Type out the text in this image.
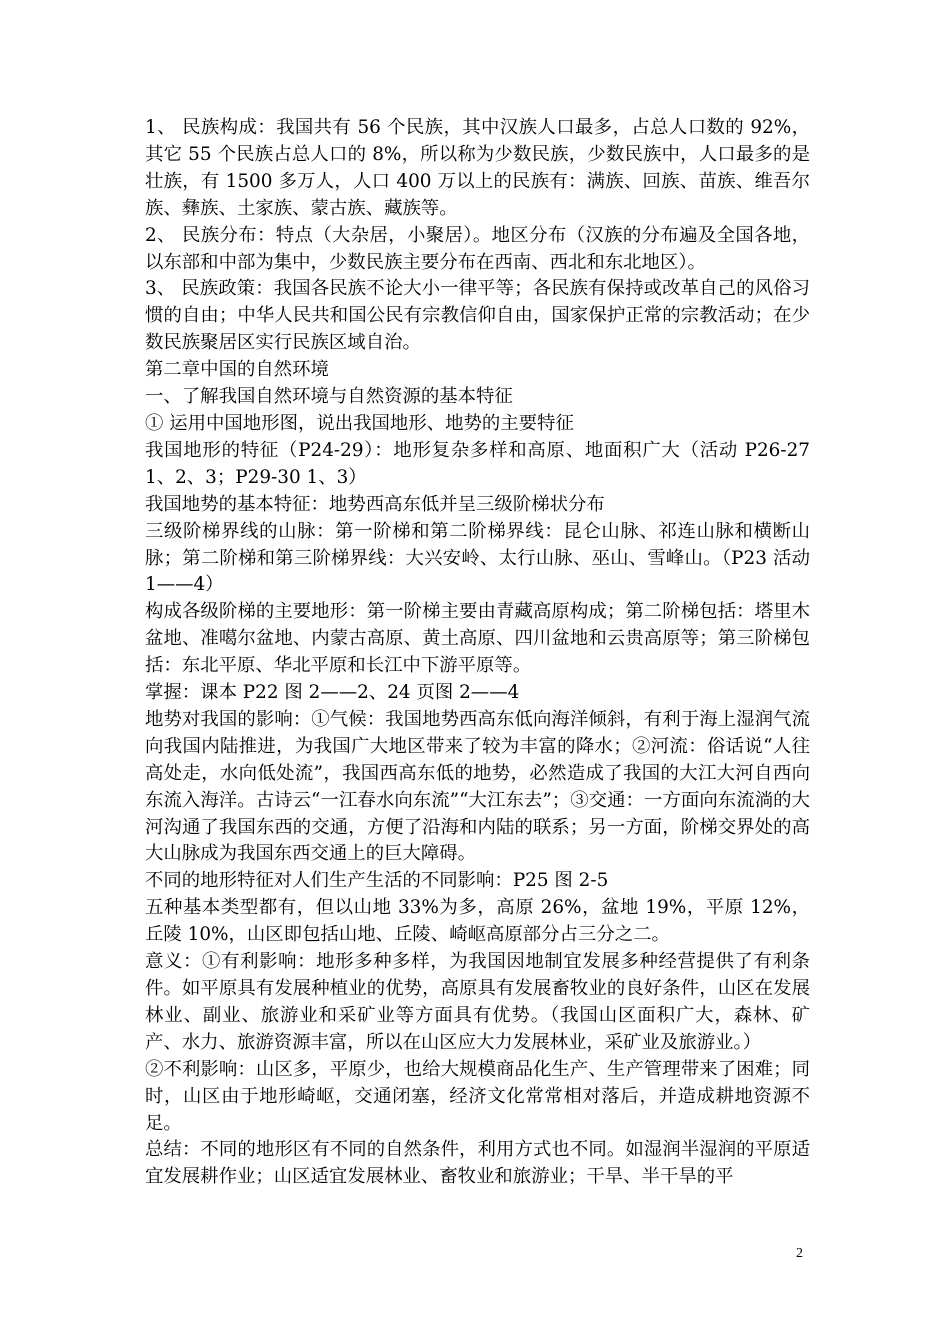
1、 民族构成：我国共有 56 个民族，其中汉族人口最多，占总人口数的 92%，其它 55 个民族占总人口的 8%，所以称为少数民族，少数民族中，人口最多的是壮族，有 1500 多万人，人口 400 万以上的民族有：满族、回族、苗族、维吾尔族、彝族、土家族、蒙古族、藏族等。

2、 民族分布：特点（大杂居，小聚居）。地区分布（汉族的分布遍及全国各地，以东部和中部为集中，少数民族主要分布在西南、西北和东北地区）。

3、 民族政策：我国各民族不论大小一律平等；各民族有保持或改革自己的风俗习惯的自由；中华人民共和国公民有宗教信仰自由，国家保护正常的宗教活动；在少数民族聚居区实行民族区域自治。

第二章中国的自然环境

一、了解我国自然环境与自然资源的基本特征

① 运用中国地形图，说出我国地形、地势的主要特征

我国地形的特征（P24-29）：地形复杂多样和高原、地面积广大（活动 P26-27 1、2、3；P29-30 1、3）

我国地势的基本特征：地势西高东低并呈三级阶梯状分布

三级阶梯界线的山脉：第一阶梯和第二阶梯界线：昆仑山脉、祁连山脉和横断山脉；第二阶梯和第三阶梯界线：大兴安岭、太行山脉、巫山、雪峰山。（P23 活动 1——4）

构成各级阶梯的主要地形：第一阶梯主要由青藏高原构成；第二阶梯包括：塔里木盆地、准噶尔盆地、内蒙古高原、黄土高原、四川盆地和云贵高原等；第三阶梯包括：东北平原、华北平原和长江中下游平原等。

掌握：课本 P22 图 2——2、24 页图 2——4

地势对我国的影响：①气候：我国地势西高东低向海洋倾斜，有利于海上湿润气流向我国内陆推进，为我国广大地区带来了较为丰富的降水；②河流：俗话说“人往高处走，水向低处流”，我国西高东低的地势，必然造成了我国的大江大河自西向东流入海洋。古诗云“一江春水向东流”“大江东去”；③交通：一方面向东流淌的大河沟通了我国东西的交通，方便了沿海和内陆的联系；另一方面，阶梯交界处的高大山脉成为我国东西交通上的巨大障碍。

不同的地形特征对人们生产生活的不同影响：P25 图 2-5

五种基本类型都有，但以山地 33%为多，高原 26%，盆地 19%，平原 12%，丘陵 10%，山区即包括山地、丘陵、崎岖高原部分占三分之二。

意义：①有利影响：地形多种多样，为我国因地制宜发展多种经营提供了有利条件。如平原具有发展种植业的优势，高原具有发展畜牧业的良好条件，山区在发展林业、副业、旅游业和采矿业等方面具有优势。（我国山区面积广大，森林、矿产、水力、旅游资源丰富，所以在山区应大力发展林业，采矿业及旅游业。）

②不利影响：山区多，平原少，也给大规模商品化生产、生产管理带来了困难；同时，山区由于地形崎岖，交通闭塞，经济文化常常相对落后，并造成耕地资源不足。

总结：不同的地形区有不同的自然条件，利用方式也不同。如湿润半湿润的平原适宜发展耕作业；山区适宜发展林业、畜牧业和旅游业；干旱、半干旱的平

2
